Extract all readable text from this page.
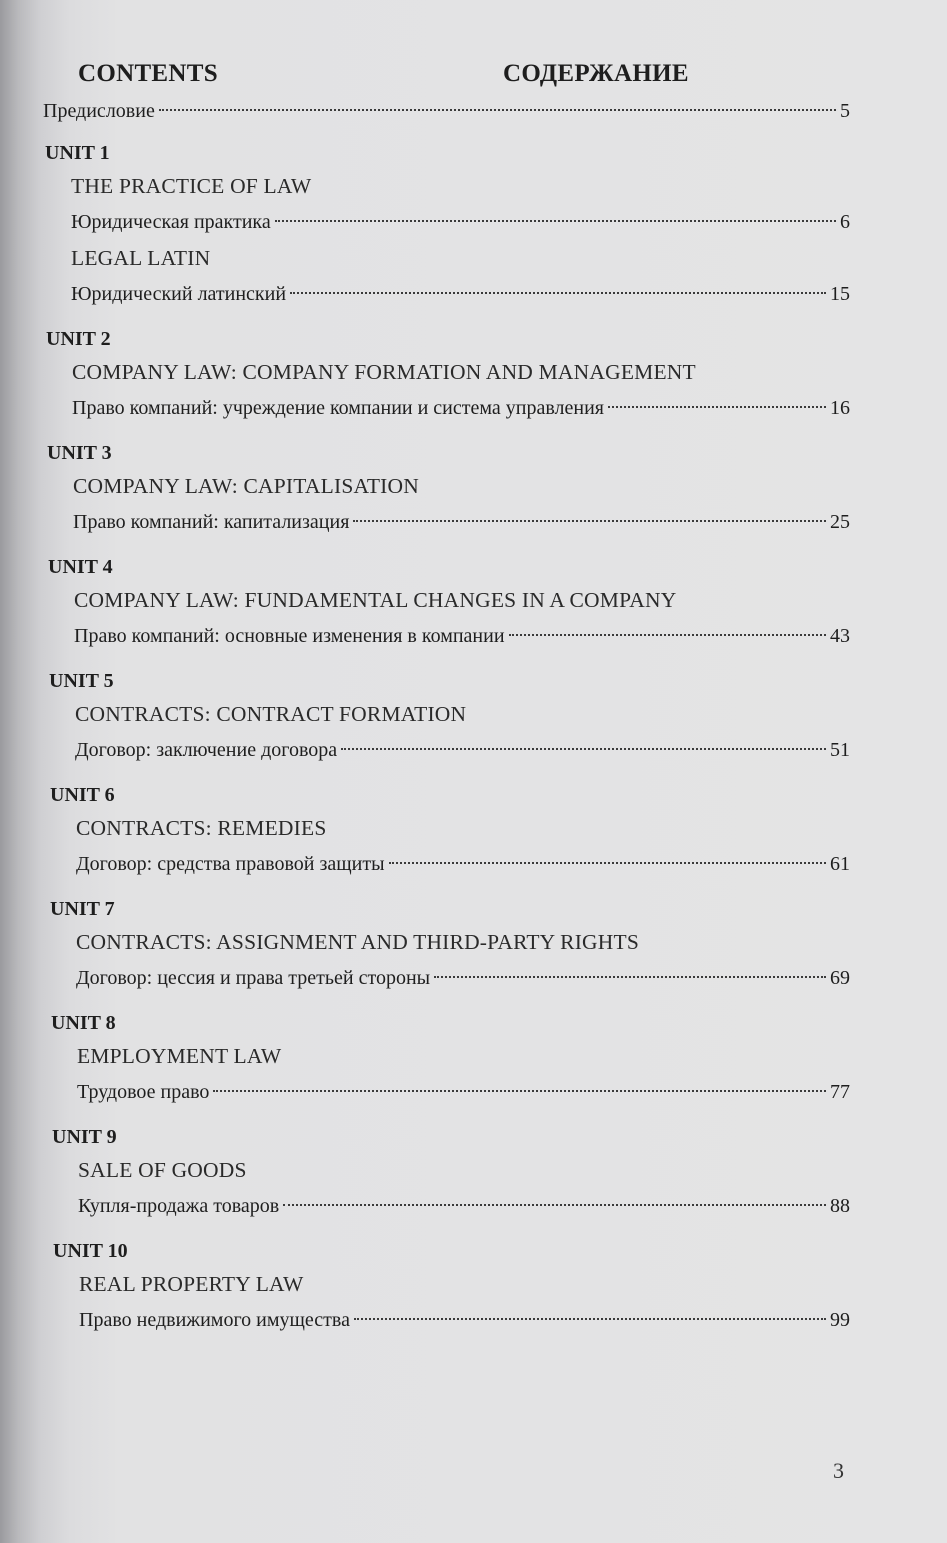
CONTENTS	СОДЕРЖАНИЕ
Предисловие	5
UNIT 1
THE PRACTICE OF LAW
Юридическая практика	6
LEGAL LATIN
Юридический латинский	15
UNIT 2
COMPANY LAW: COMPANY FORMATION AND MANAGEMENT
Право компаний: учреждение компании и система управления	16
UNIT 3
COMPANY LAW: CAPITALISATION
Право компаний: капитализация	25
UNIT 4
COMPANY LAW: FUNDAMENTAL CHANGES IN A COMPANY
Право компаний: основные изменения в компании	43
UNIT 5
CONTRACTS: CONTRACT FORMATION
Договор: заключение договора	51
UNIT 6
CONTRACTS: REMEDIES
Договор: средства правовой защиты	61
UNIT 7
CONTRACTS: ASSIGNMENT AND THIRD-PARTY RIGHTS
Договор: цессия и права третьей стороны	69
UNIT 8
EMPLOYMENT LAW
Трудовое право	77
UNIT 9
SALE OF GOODS
Купля-продажа товаров	88
UNIT 10
REAL PROPERTY LAW
Право недвижимого имущества	99
3
